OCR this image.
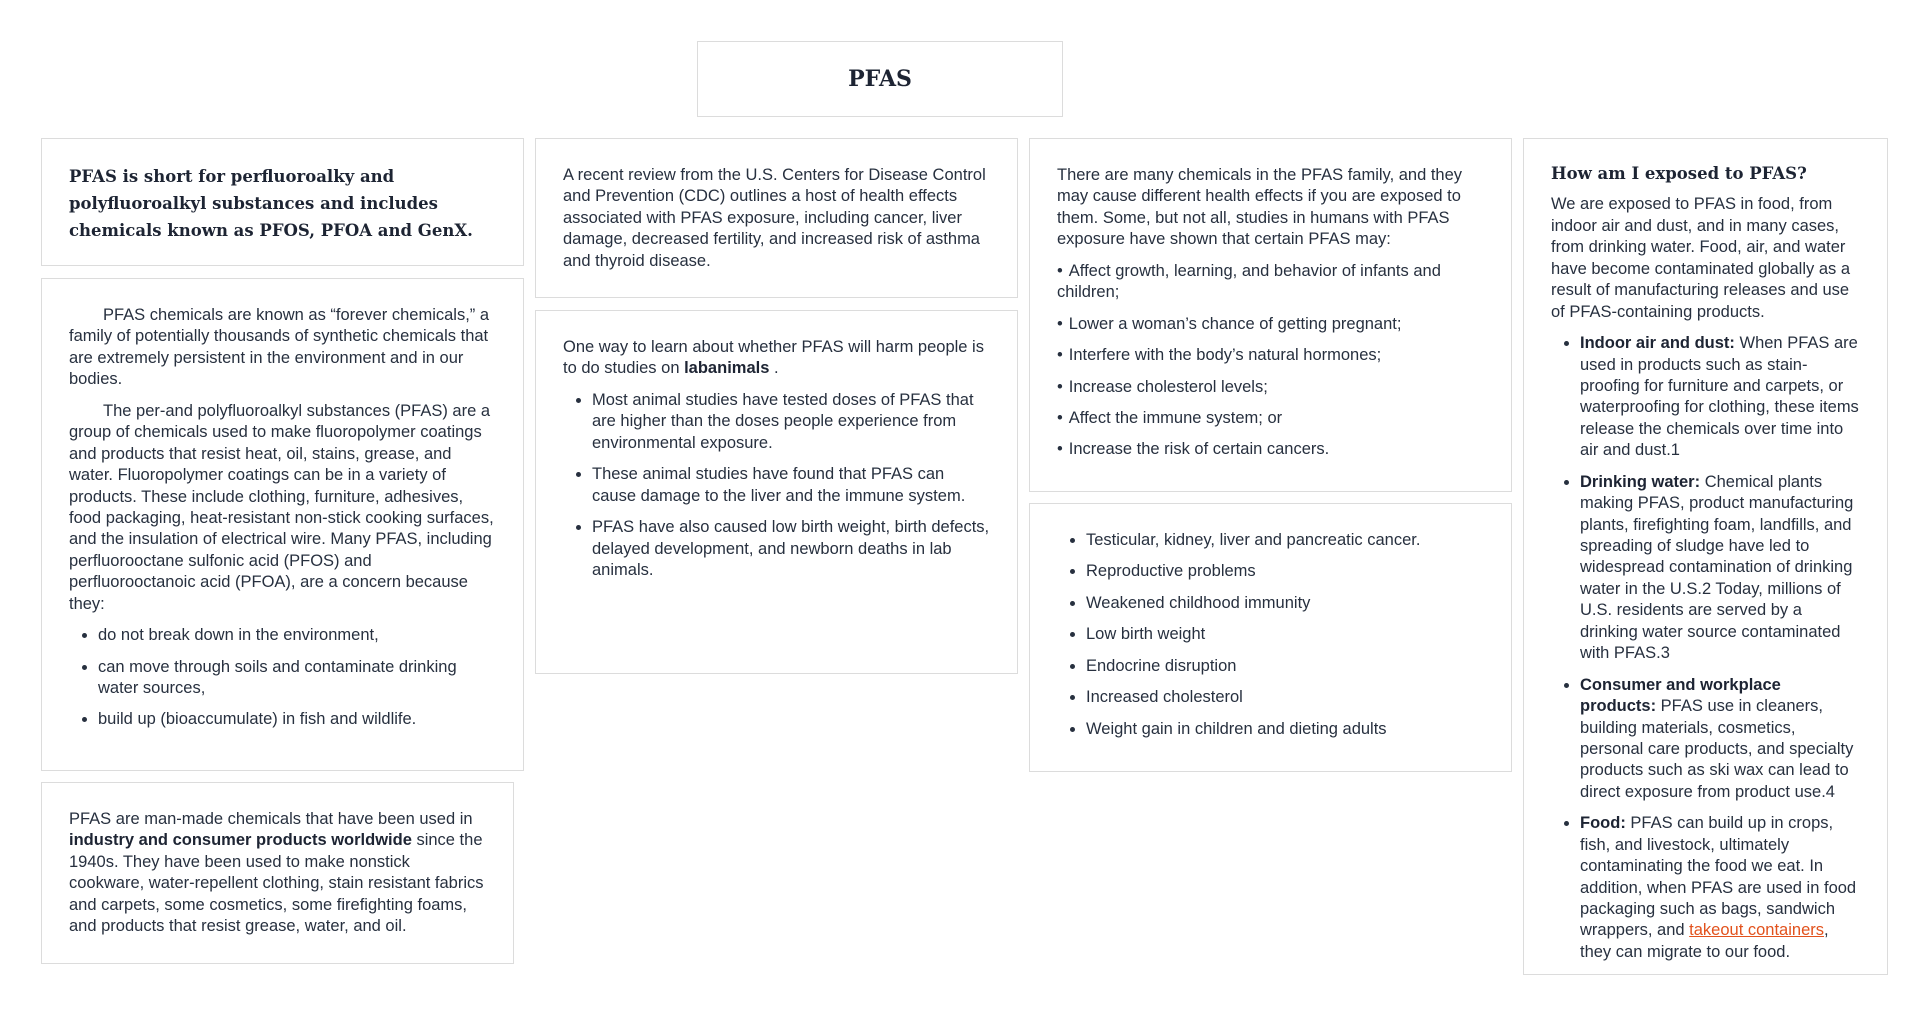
PFAS

PFAS is short for perfluoroalky and polyfluoroalkyl substances and includes chemicals known as PFOS, PFOA and GenX.

PFAS chemicals are known as “forever chemicals,” a family of potentially thousands of synthetic chemicals that are extremely persistent in the environment and in our bodies.

The per-and polyfluoroalkyl substances (PFAS) are a group of chemicals used to make fluoropolymer coatings and products that resist heat, oil, stains, grease, and water. Fluoropolymer coatings can be in a variety of products. These include clothing, furniture, adhesives, food packaging, heat-resistant non-stick cooking surfaces, and the insulation of electrical wire. Many PFAS, including perfluorooctane sulfonic acid (PFOS) and perfluorooctanoic acid (PFOA), are a concern because they:

• do not break down in the environment,
• can move through soils and contaminate drinking water sources,
• build up (bioaccumulate) in fish and wildlife.

PFAS are man-made chemicals that have been used in industry and consumer products worldwide since the 1940s. They have been used to make nonstick cookware, water-repellent clothing, stain resistant fabrics and carpets, some cosmetics, some firefighting foams, and products that resist grease, water, and oil.

A recent review from the U.S. Centers for Disease Control and Prevention (CDC) outlines a host of health effects associated with PFAS exposure, including cancer, liver damage, decreased fertility, and increased risk of asthma and thyroid disease.

One way to learn about whether PFAS will harm people is to do studies on labanimals .

• Most animal studies have tested doses of PFAS that are higher than the doses people experience from environmental exposure.
• These animal studies have found that PFAS can cause damage to the liver and the immune system.
• PFAS have also caused low birth weight, birth defects, delayed development, and newborn deaths in lab animals.

There are many chemicals in the PFAS family, and they may cause different health effects if you are exposed to them. Some, but not all, studies in humans with PFAS exposure have shown that certain PFAS may:

• Affect growth, learning, and behavior of infants and children;
• Lower a woman’s chance of getting pregnant;
• Interfere with the body’s natural hormones;
• Increase cholesterol levels;
• Affect the immune system; or
• Increase the risk of certain cancers.
• Testicular, kidney, liver and pancreatic cancer.
• Reproductive problems
• Weakened childhood immunity
• Low birth weight
• Endocrine disruption
• Increased cholesterol
• Weight gain in children and dieting adults

How am I exposed to PFAS?

We are exposed to PFAS in food, from indoor air and dust, and in many cases, from drinking water. Food, air, and water have become contaminated globally as a result of manufacturing releases and use of PFAS-containing products.

• Indoor air and dust: When PFAS are used in products such as stain-proofing for furniture and carpets, or waterproofing for clothing, these items release the chemicals over time into air and dust.1
• Drinking water: Chemical plants making PFAS, product manufacturing plants, firefighting foam, landfills, and spreading of sludge have led to widespread contamination of drinking water in the U.S.2 Today, millions of U.S. residents are served by a drinking water source contaminated with PFAS.3
• Consumer and workplace products: PFAS use in cleaners, building materials, cosmetics, personal care products, and specialty products such as ski wax can lead to direct exposure from product use.4
• Food: PFAS can build up in crops, fish, and livestock, ultimately contaminating the food we eat. In addition, when PFAS are used in food packaging such as bags, sandwich wrappers, and takeout containers, they can migrate to our food.
